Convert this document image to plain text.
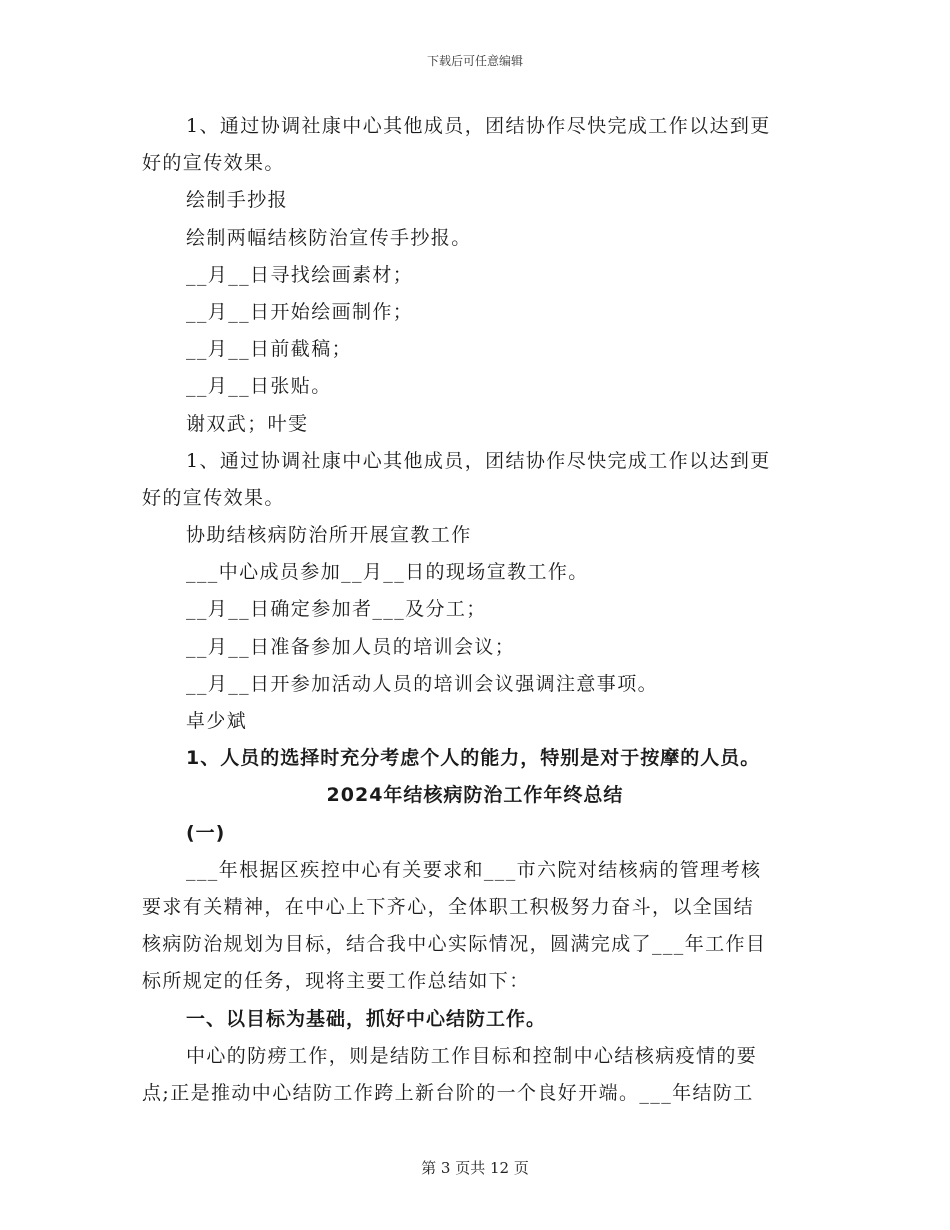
下载后可任意编辑
1、通过协调社康中心其他成员，团结协作尽快完成工作以达到更
好的宣传效果。
绘制手抄报
绘制两幅结核防治宣传手抄报。
__月__日寻找绘画素材；
__月__日开始绘画制作；
__月__日前截稿；
__月__日张贴。
谢双武；叶雯
1、通过协调社康中心其他成员，团结协作尽快完成工作以达到更
好的宣传效果。
协助结核病防治所开展宣教工作
___中心成员参加__月__日的现场宣教工作。
__月__日确定参加者___及分工；
__月__日准备参加人员的培训会议；
__月__日开参加活动人员的培训会议强调注意事项。
卓少斌
1、人员的选择时充分考虑个人的能力，特别是对于按摩的人员。
2024年结核病防治工作年终总结
(一)
___年根据区疾控中心有关要求和___市六院对结核病的管理考核
要求有关精神，在中心上下齐心，全体职工积极努力奋斗，以全国结
核病防治规划为目标，结合我中心实际情况，圆满完成了___年工作目
标所规定的任务，现将主要工作总结如下：
一、以目标为基础，抓好中心结防工作。
中心的防痨工作，则是结防工作目标和控制中心结核病疫情的要
点;正是推动中心结防工作跨上新台阶的一个良好开端。___年结防工
第 3 页共 12 页
